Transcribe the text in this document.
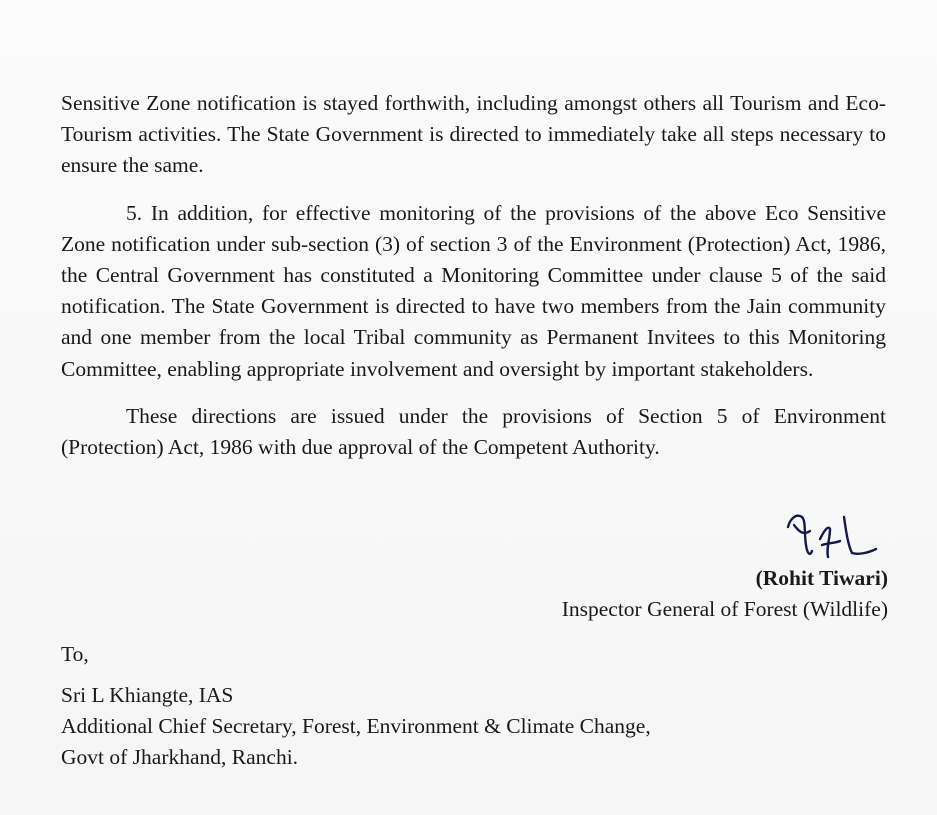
Sensitive Zone notification is stayed forthwith, including amongst others all Tourism and Eco-Tourism activities. The State Government is directed to immediately take all steps necessary to ensure the same.

5. In addition, for effective monitoring of the provisions of the above Eco Sensitive Zone notification under sub-section (3) of section 3 of the Environment (Protection) Act, 1986, the Central Government has constituted a Monitoring Committee under clause 5 of the said notification. The State Government is directed to have two members from the Jain community and one member from the local Tribal community as Permanent Invitees to this Monitoring Committee, enabling appropriate involvement and oversight by important stakeholders.

These directions are issued under the provisions of Section 5 of Environment (Protection) Act, 1986 with due approval of the Competent Authority.

(Rohit Tiwari)
Inspector General of Forest (Wildlife)
To,
Sri L Khiangte, IAS
Additional Chief Secretary, Forest, Environment & Climate Change,
Govt of Jharkhand, Ranchi.
